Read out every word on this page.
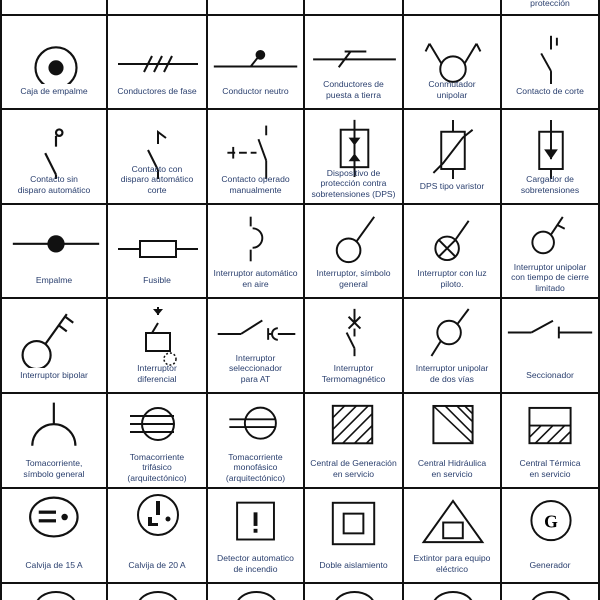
protección
Caja de empalme	Conductores de fase	Conductor neutro
Conductores de
puesta a tierra
Conmutador
unipolar	Contacto de corte
Contacto sin
disparo automático
Contacto con
disparo automático corte
Contacto operado
manualmente
Dispositivo de
protección contra
sobretensiones (DPS)
DPS tipo varistor
Cargador de
sobretensiones
Empalme	Fusible
Interruptor automático
en aire
Interruptor, símbolo
general
Interruptor con luz
piloto.
Interruptor unipolar
con tiempo de cierre
limitado
Interruptor bipolar
Interruptor
diferencial
Interruptor seleccionador
para AT
Interruptor
Termomagnético
Interruptor unipolar
de dos vías	Seccionador
Tomacorriente,
símbolo general
Tomacorriente
trifásico
(arquitectónico)
Tomacorriente
monofásico
(arquitectónico)
Central de Generación
en servicio
Central Hidráulica
en servicio
Central Térmica
en servicio
Calvija de 15 A	Calvija de 20 A
Detector automatico
de incendio	Doble aislamiento
Extintor para equipo
eléctrico
G
Generador
